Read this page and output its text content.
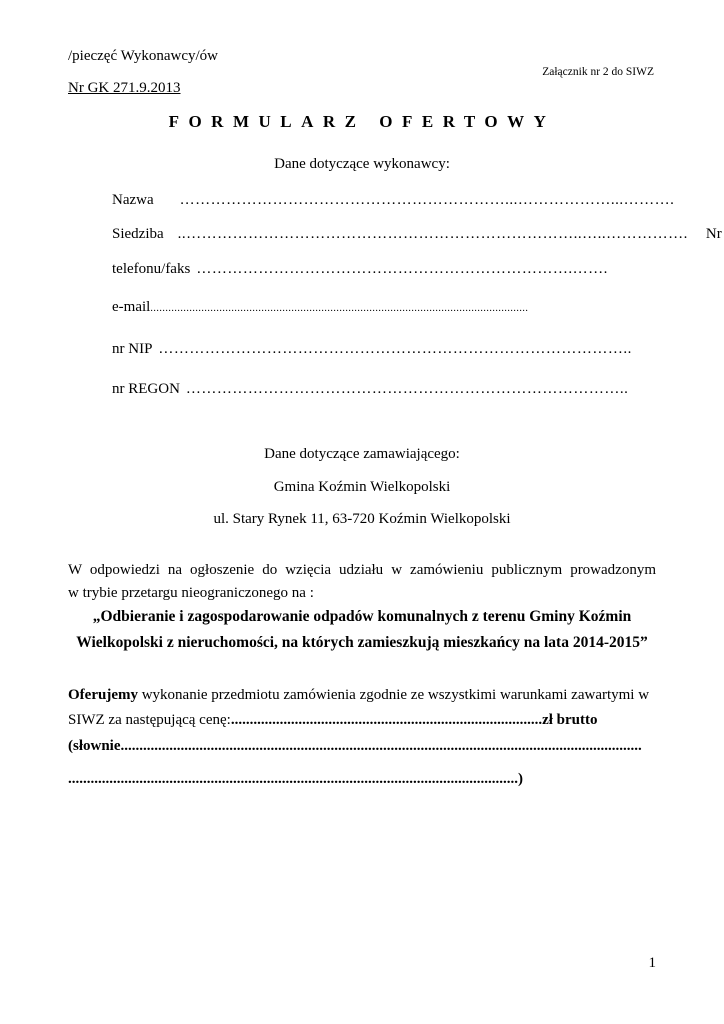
/pieczęć Wykonawcy/ów
Załącznik nr 2 do SIWZ
Nr GK 271.9.2013
FORMULARZ OFERTOWY
Dane dotyczące wykonawcy:
Nazwa ………………………………………………………...………………...……….
Siedziba ..…………………………………………………………………..…..……………. Nr
telefonu/faks ……………………………………………………………….…….
e-mail ..............................................................................................................................
nr NIP ………………………………………………………………………………..
nr REGON …………………………………………………………………………..
Dane dotyczące zamawiającego:
Gmina Koźmin Wielkopolski
ul. Stary Rynek 11, 63-720 Koźmin Wielkopolski
W odpowiedzi na ogłoszenie do wzięcia udziału w zamówieniu publicznym prowadzonym
w trybie przetargu nieograniczonego na :
„Odbieranie i zagospodarowanie odpadów komunalnych z terenu Gminy Koźmin
Wielkopolski z nieruchomości, na których zamieszkują mieszkańcy na lata 2014-2015”
Oferujemy wykonanie przedmiotu zamówienia zgodnie ze wszystkimi warunkami zawartymi w
SIWZ za następującą cenę:...................................................................................zł brutto
(słownie...........................................................................................................................................
........................................................................................................................)
1
